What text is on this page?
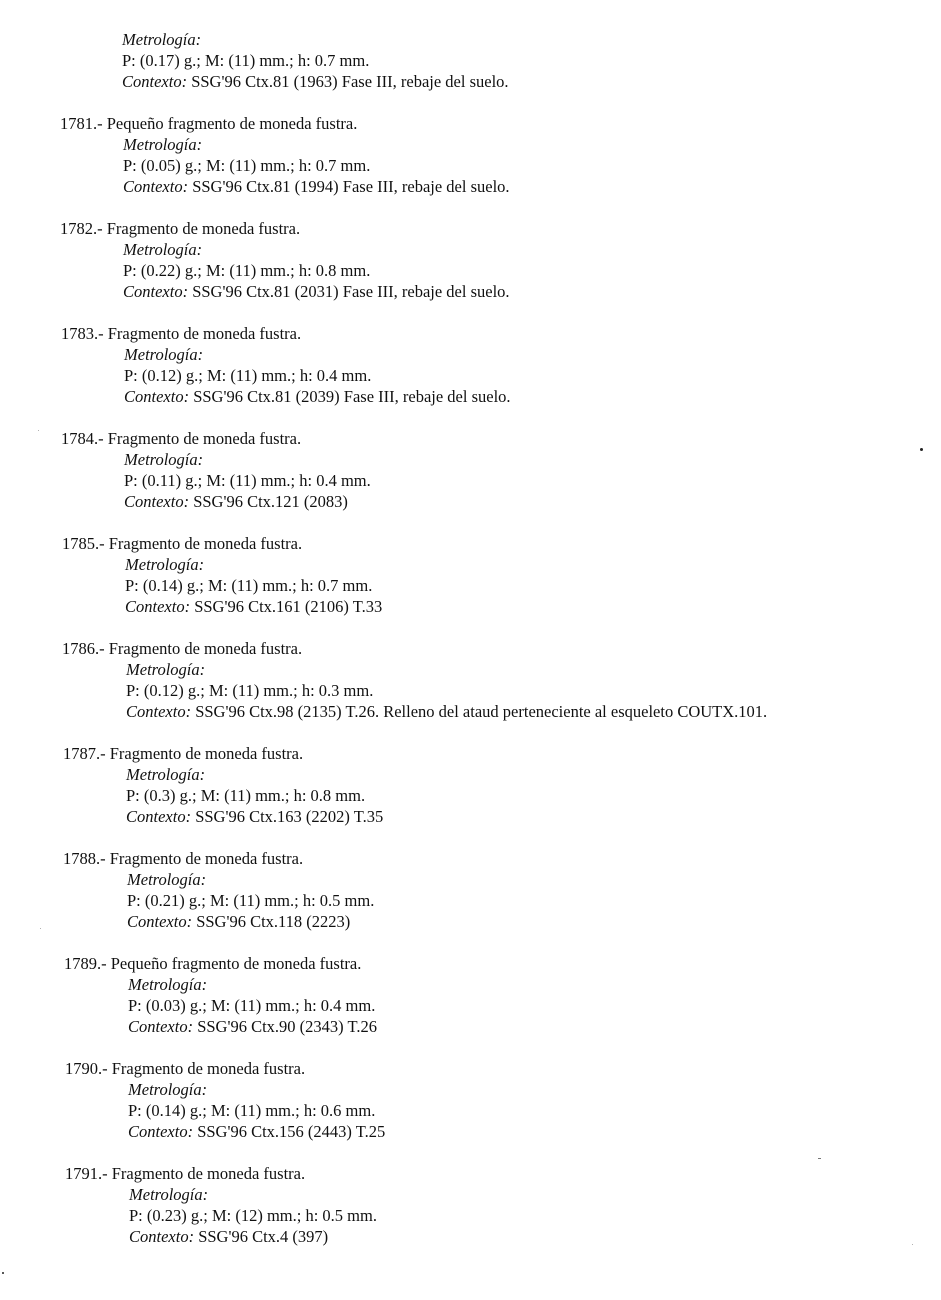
Metrología:
P: (0.17) g.; M: (11) mm.; h: 0.7 mm.
Contexto: SSG'96 Ctx.81 (1963) Fase III, rebaje del suelo.
1781.- Pequeño fragmento de moneda fustra.
Metrología:
P: (0.05) g.; M: (11) mm.; h: 0.7 mm.
Contexto: SSG'96 Ctx.81 (1994) Fase III, rebaje del suelo.
1782.- Fragmento de moneda fustra.
Metrología:
P: (0.22) g.; M: (11) mm.; h: 0.8 mm.
Contexto: SSG'96 Ctx.81 (2031) Fase III, rebaje del suelo.
1783.- Fragmento de moneda fustra.
Metrología:
P: (0.12) g.; M: (11) mm.; h: 0.4 mm.
Contexto: SSG'96 Ctx.81 (2039) Fase III, rebaje del suelo.
1784.- Fragmento de moneda fustra.
Metrología:
P: (0.11) g.; M: (11) mm.; h: 0.4 mm.
Contexto: SSG'96 Ctx.121 (2083)
1785.- Fragmento de moneda fustra.
Metrología:
P: (0.14) g.; M: (11) mm.; h: 0.7 mm.
Contexto: SSG'96 Ctx.161 (2106) T.33
1786.- Fragmento de moneda fustra.
Metrología:
P: (0.12) g.; M: (11) mm.; h: 0.3 mm.
Contexto: SSG'96 Ctx.98 (2135) T.26. Relleno del ataud perteneciente al esqueleto COUTX.101.
1787.- Fragmento de moneda fustra.
Metrología:
P: (0.3) g.; M: (11) mm.; h: 0.8 mm.
Contexto: SSG'96 Ctx.163 (2202) T.35
1788.- Fragmento de moneda fustra.
Metrología:
P: (0.21) g.; M: (11) mm.; h: 0.5 mm.
Contexto: SSG'96 Ctx.118 (2223)
1789.- Pequeño fragmento de moneda fustra.
Metrología:
P: (0.03) g.; M: (11) mm.; h: 0.4 mm.
Contexto: SSG'96 Ctx.90 (2343) T.26
1790.- Fragmento de moneda fustra.
Metrología:
P: (0.14) g.; M: (11) mm.; h: 0.6 mm.
Contexto: SSG'96 Ctx.156 (2443) T.25
1791.- Fragmento de moneda fustra.
Metrología:
P: (0.23) g.; M: (12) mm.; h: 0.5 mm.
Contexto: SSG'96 Ctx.4 (397)
